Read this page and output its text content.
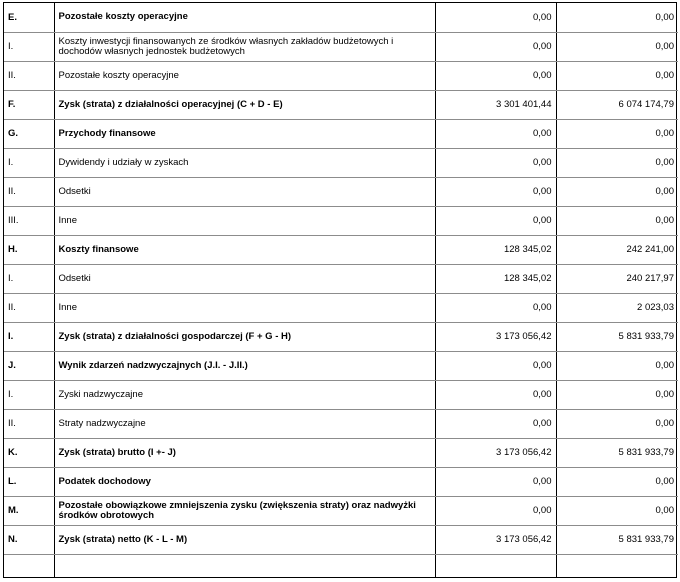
E.	Pozostałe koszty operacyjne	0,00	0,00
I.	Koszty inwestycji finansowanych ze środków własnych zakładów budżetowych i dochodów własnych jednostek budżetowych	0,00	0,00
II.	Pozostałe koszty operacyjne	0,00	0,00
F.	Zysk (strata) z działalności operacyjnej (C + D - E)	3 301 401,44	6 074 174,79
G.	Przychody finansowe	0,00	0,00
I.	Dywidendy i udziały w zyskach	0,00	0,00
II.	Odsetki	0,00	0,00
III.	Inne	0,00	0,00
H.	Koszty finansowe	128 345,02	242 241,00
I.	Odsetki	128 345,02	240 217,97
II.	Inne	0,00	2 023,03
I.	Zysk (strata) z działalności gospodarczej (F + G - H)	3 173 056,42	5 831 933,79
J.	Wynik zdarzeń nadzwyczajnych (J.I. - J.II.)	0,00	0,00
I.	Zyski nadzwyczajne	0,00	0,00
II.	Straty nadzwyczajne	0,00	0,00
K.	Zysk (strata) brutto (I +- J)	3 173 056,42	5 831 933,79
L.	Podatek dochodowy	0,00	0,00
M.	Pozostałe obowiązkowe zmniejszenia zysku (zwiększenia straty) oraz nadwyżki środków obrotowych	0,00	0,00
N.	Zysk (strata) netto (K - L - M)	3 173 056,42	5 831 933,79
